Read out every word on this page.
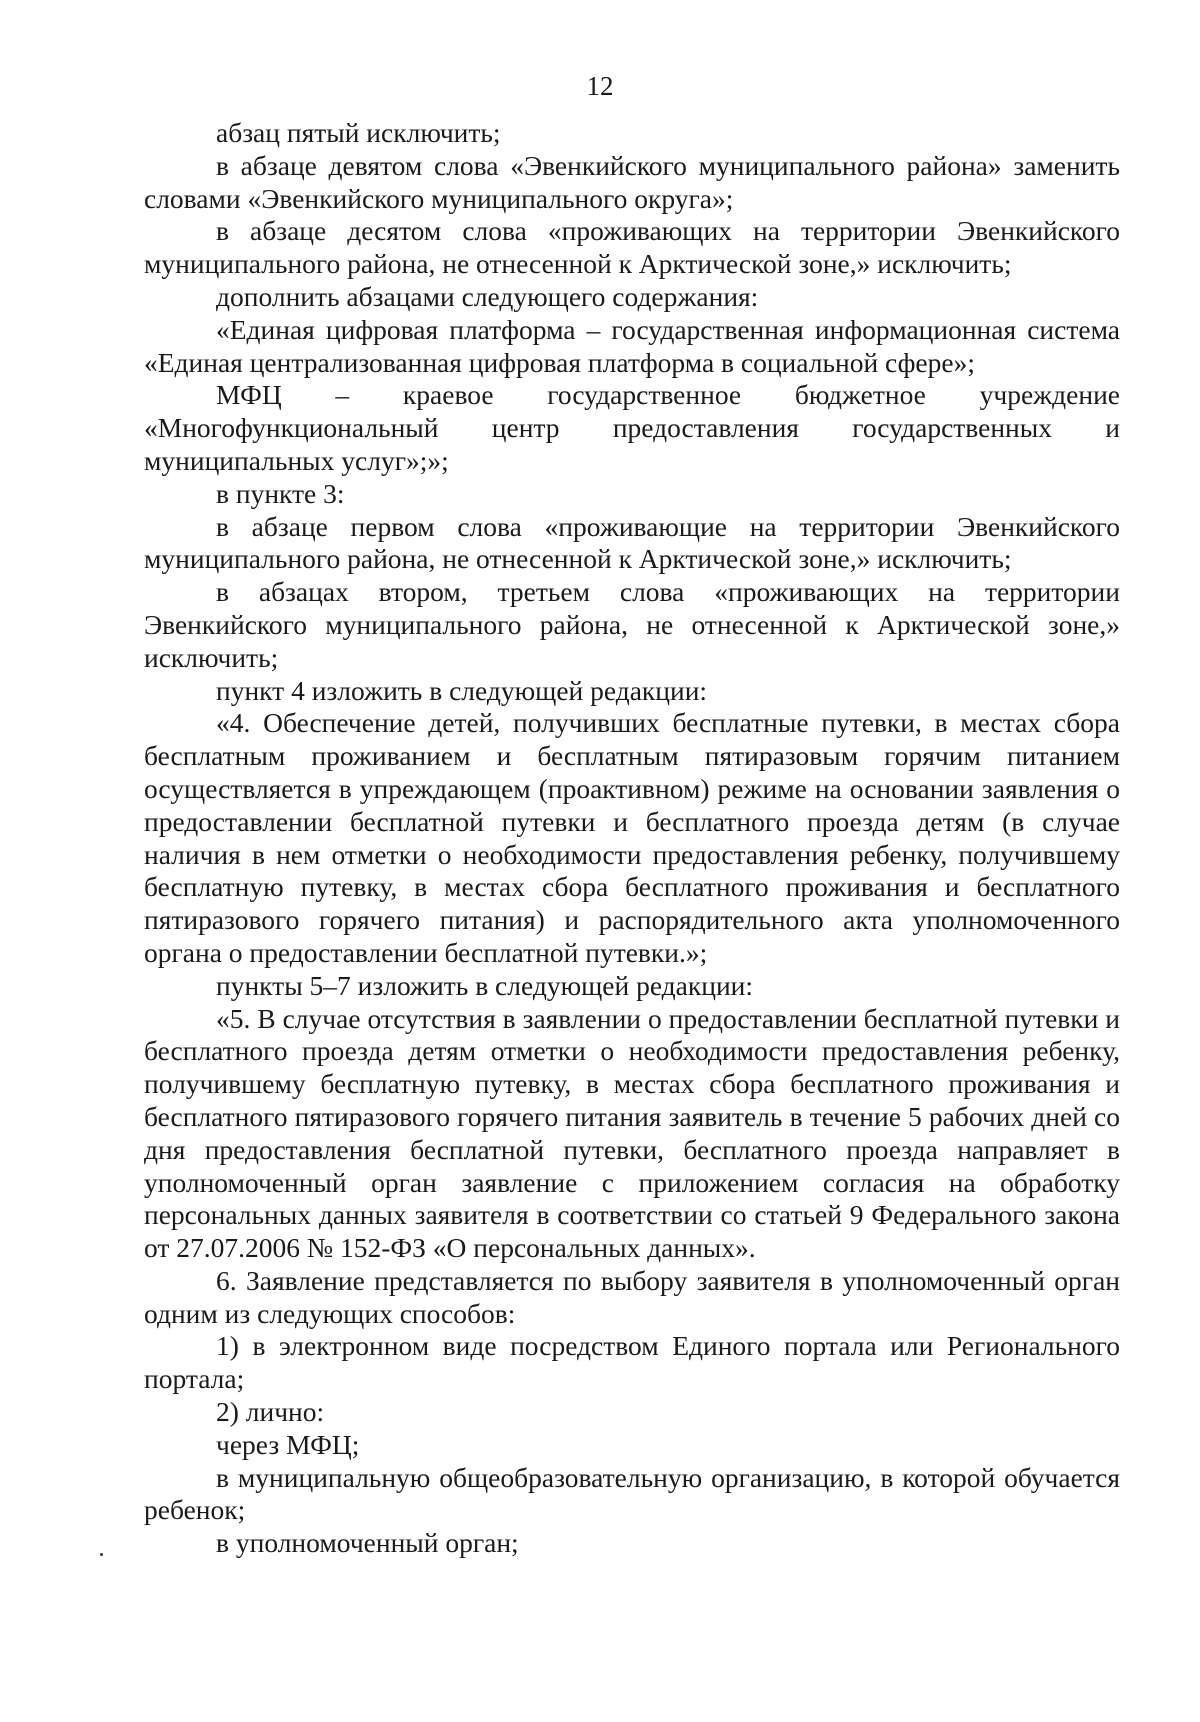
12

абзац пятый исключить;

в абзаце девятом слова «Эвенкийского муниципального района» заменить словами «Эвенкийского муниципального округа»;

в абзаце десятом слова «проживающих на территории Эвенкийского муниципального района, не отнесенной к Арктической зоне,» исключить;

дополнить абзацами следующего содержания:

«Единая цифровая платформа – государственная информационная система «Единая централизованная цифровая платформа в социальной сфере»;

МФЦ – краевое государственное бюджетное учреждение «Многофункциональный центр предоставления государственных и муниципальных услуг»;»;

в пункте 3:

в абзаце первом слова «проживающие на территории Эвенкийского муниципального района, не отнесенной к Арктической зоне,» исключить;

в абзацах втором, третьем слова «проживающих на территории Эвенкийского муниципального района, не отнесенной к Арктической зоне,» исключить;

пункт 4 изложить в следующей редакции:

«4. Обеспечение детей, получивших бесплатные путевки, в местах сбора бесплатным проживанием и бесплатным пятиразовым горячим питанием осуществляется в упреждающем (проактивном) режиме на основании заявления о предоставлении бесплатной путевки и бесплатного проезда детям (в случае наличия в нем отметки о необходимости предоставления ребенку, получившему бесплатную путевку, в местах сбора бесплатного проживания и бесплатного пятиразового горячего питания) и распорядительного акта уполномоченного органа о предоставлении бесплатной путевки.»;

пункты 5–7 изложить в следующей редакции:

«5. В случае отсутствия в заявлении о предоставлении бесплатной путевки и бесплатного проезда детям отметки о необходимости предоставления ребенку, получившему бесплатную путевку, в местах сбора бесплатного проживания и бесплатного пятиразового горячего питания заявитель в течение 5 рабочих дней со дня предоставления бесплатной путевки, бесплатного проезда направляет в уполномоченный орган заявление с приложением согласия на обработку персональных данных заявителя в соответствии со статьей 9 Федерального закона от 27.07.2006 № 152-ФЗ «О персональных данных».

6. Заявление представляется по выбору заявителя в уполномоченный орган одним из следующих способов:

1) в электронном виде посредством Единого портала или Регионального портала;

2) лично:

через МФЦ;

в муниципальную общеобразовательную организацию, в которой обучается ребенок;

в уполномоченный орган;
